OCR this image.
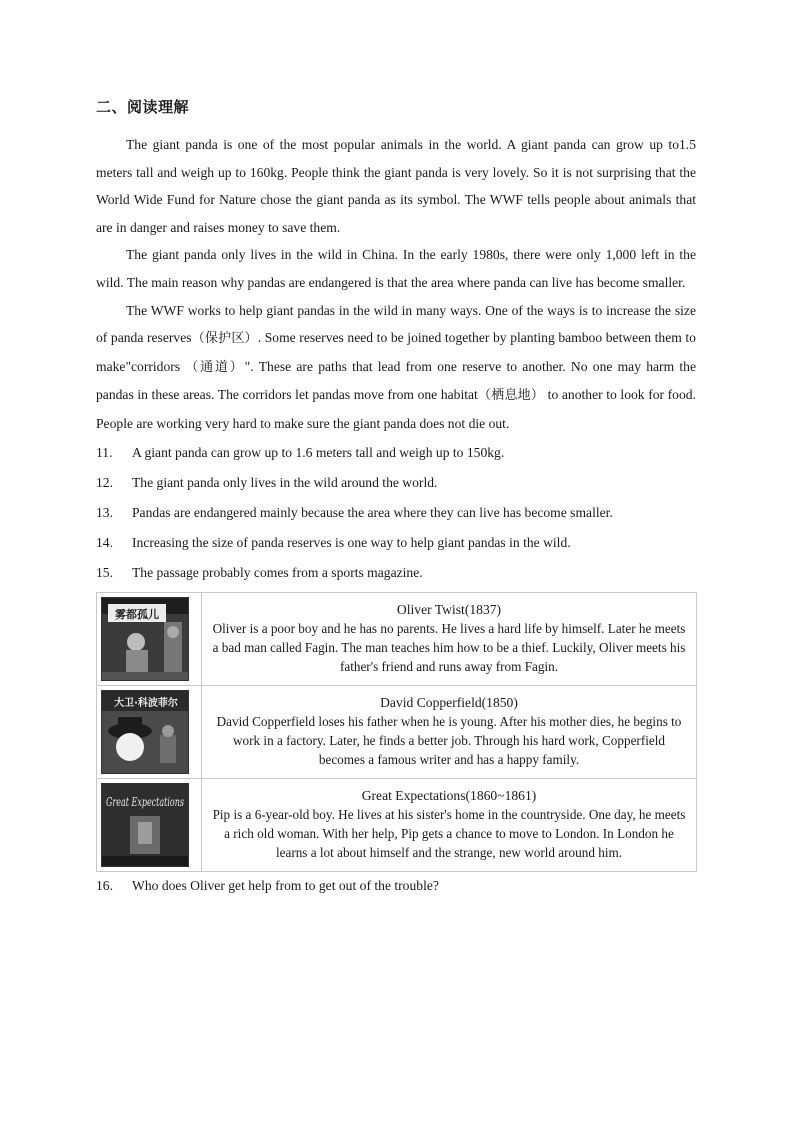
二、阅读理解

The giant panda is one of the most popular animals in the world. A giant panda can grow up to1.5 meters tall and weigh up to 160kg. People think the giant panda is very lovely. So it is not surprising that the World Wide Fund for Nature chose the giant panda as its symbol. The WWF tells people about animals that are in danger and raises money to save them.

The giant panda only lives in the wild in China. In the early 1980s, there were only 1,000 left in the wild. The main reason why pandas are endangered is that the area where panda can live has become smaller.

The WWF works to help giant pandas in the wild in many ways. One of the ways is to increase the size of panda reserves（保护区）. Some reserves need to be joined together by planting bamboo between them to make"corridors （通道）". These are paths that lead from one reserve to another. No one may harm the pandas in these areas. The corridors let pandas move from one habitat（栖息地） to another to look for food. People are working very hard to make sure the giant panda does not die out.

11. A giant panda can grow up to 1.6 meters tall and weigh up to 150kg.

12. The giant panda only lives in the wild around the world.

13. Pandas are endangered mainly because the area where they can live has become smaller.

14. Increasing the size of panda reserves is one way to help giant pandas in the wild.

15. The passage probably comes from a sports magazine.

雾都孤儿	Oliver Twist(1837)
Oliver is a poor boy and he has no parents. He lives a hard life by himself. Later he meets a bad man called Fagin. The man teaches him how to be a thief. Luckily, Oliver meets his father's friend and runs away from Fagin.

大卫·科波菲尔	David Copperfield(1850)
David Copperfield loses his father when he is young. After his mother dies, he begins to work in a factory. Later, he finds a better job. Through his hard work, Copperfield becomes a famous writer and has a happy family.

Great Expectations	Great Expectations(1860~1861)
Pip is a 6-year-old boy. He lives at his sister's home in the countryside. One day, he meets a rich old woman. With her help, Pip gets a chance to move to London. In London he learns a lot about himself and the strange, new world around him.

16. Who does Oliver get help from to get out of the trouble?
